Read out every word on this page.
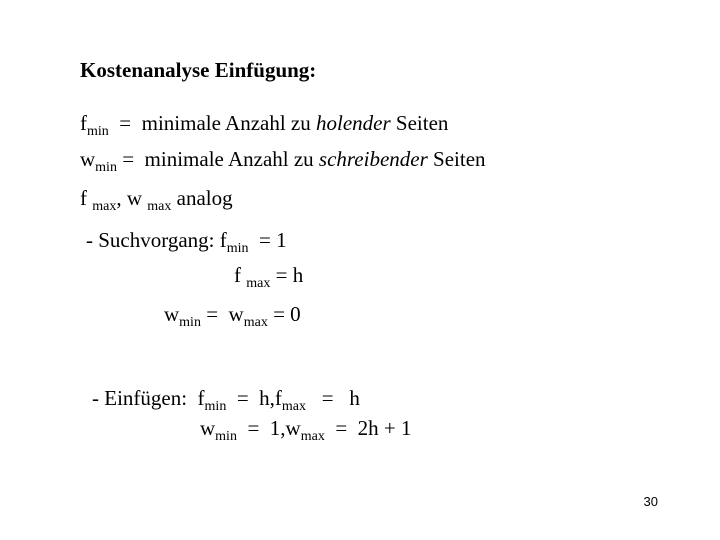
Kostenanalyse Einfügung:
$f_{min}$  =  minimale Anzahl zu holender Seiten
$w_{min}$ =  minimale Anzahl zu schreibender Seiten
f $_{max}$, w $_{max}$ analog
- Suchvorgang: $f_{min} = 1$
f $_{max}$ = h
$w_{min} = w_{max} = 0$
- Einfügen:  $f_{min} = h,f_{max} = h$
$w_{min} = 1,w_{max} = 2h + 1$
30
